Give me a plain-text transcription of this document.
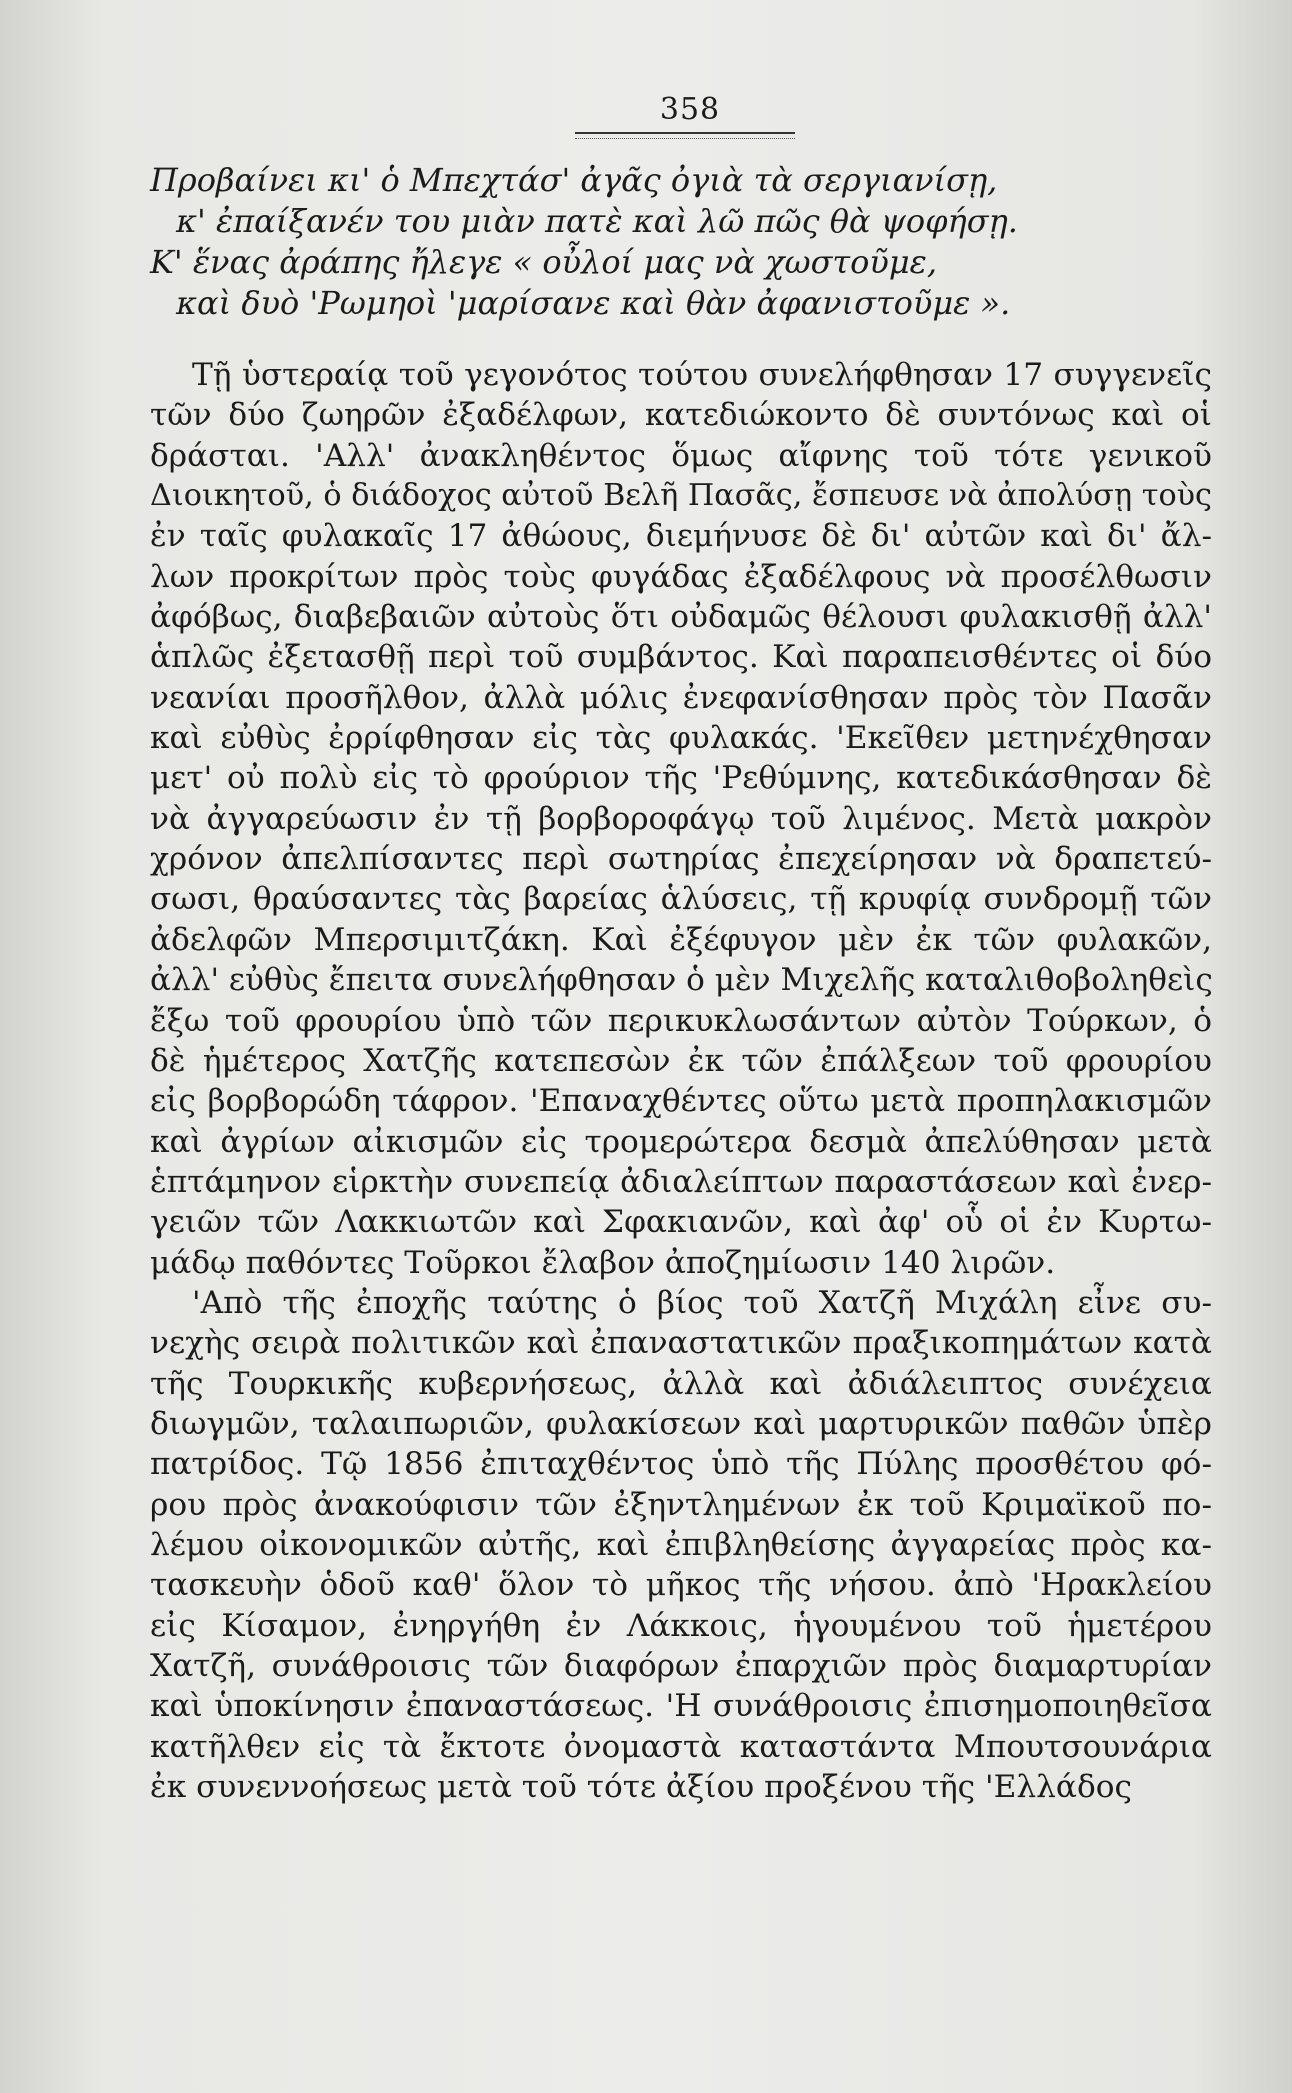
358
Προβαίνει κι' ὁ Μπεχτάσ' ἀγᾶς ὀγιὰ τὰ σεργιανίσῃ,
κ' ἐπαίξανέν του μιὰν πατὲ καὶ λῶ πῶς θὰ ψοφήσῃ.
Κ' ἕνας ἀράπης ἤλεγε « οὖλοί μας νὰ χωστοῦμε,
καὶ δυὸ 'Ρωμηοὶ 'μαρίσανε καὶ θὰν ἀφανιστοῦμε ».
Τῇ ὑστεραίᾳ τοῦ γεγονότος τούτου συνελήφθησαν 17 συγγενεῖς
τῶν δύο ζωηρῶν ἐξαδέλφων, κατεδιώκοντο δὲ συντόνως καὶ οἱ
δράσται. 'Αλλ' ἀνακληθέντος ὅμως αἴφνης τοῦ τότε γενικοῦ
Διοικητοῦ, ὁ διάδοχος αὐτοῦ Βελῆ Πασᾶς, ἔσπευσε νὰ ἀπολύσῃ τοὺς
ἐν ταῖς φυλακαῖς 17 ἀθώους, διεμήνυσε δὲ δι' αὐτῶν καὶ δι' ἄλ-
λων προκρίτων πρὸς τοὺς φυγάδας ἐξαδέλφους νὰ προσέλθωσιν
ἀφόβως, διαβεβαιῶν αὐτοὺς ὅτι οὐδαμῶς θέλουσι φυλακισθῇ ἀλλ'
ἁπλῶς ἐξετασθῇ περὶ τοῦ συμβάντος. Καὶ παραπεισθέντες οἱ δύο
νεανίαι προσῆλθον, ἀλλὰ μόλις ἐνεφανίσθησαν πρὸς τὸν Πασᾶν
καὶ εὐθὺς ἐρρίφθησαν εἰς τὰς φυλακάς. 'Εκεῖθεν μετηνέχθησαν
μετ' οὐ πολὺ εἰς τὸ φρούριον τῆς 'Ρεθύμνης, κατεδικάσθησαν δὲ
νὰ ἀγγαρεύωσιν ἐν τῇ βορβοροφάγῳ τοῦ λιμένος. Μετὰ μακρὸν
χρόνον ἀπελπίσαντες περὶ σωτηρίας ἐπεχείρησαν νὰ δραπετεύ-
σωσι, θραύσαντες τὰς βαρείας ἁλύσεις, τῇ κρυφίᾳ συνδρομῇ τῶν
ἀδελφῶν Μπερσιμιτζάκη. Καὶ ἐξέφυγον μὲν ἐκ τῶν φυλακῶν,
ἀλλ' εὐθὺς ἔπειτα συνελήφθησαν ὁ μὲν Μιχελῆς καταλιθοβοληθεὶς
ἔξω τοῦ φρουρίου ὑπὸ τῶν περικυκλωσάντων αὐτὸν Τούρκων, ὁ
δὲ ἡμέτερος Χατζῆς κατεπεσὼν ἐκ τῶν ἐπάλξεων τοῦ φρουρίου
εἰς βορβορώδη τάφρον. 'Επαναχθέντες οὕτω μετὰ προπηλακισμῶν
καὶ ἀγρίων αἰκισμῶν εἰς τρομερώτερα δεσμὰ ἀπελύθησαν μετὰ
ἑπτάμηνον εἱρκτὴν συνεπείᾳ ἀδιαλείπτων παραστάσεων καὶ ἐνερ-
γειῶν τῶν Λακκιωτῶν καὶ Σφακιανῶν, καὶ ἀφ' οὗ οἱ ἐν Κυρτω-
μάδῳ παθόντες Τοῦρκοι ἔλαβον ἀποζημίωσιν 140 λιρῶν.
'Απὸ τῆς ἐποχῆς ταύτης ὁ βίος τοῦ Χατζῆ Μιχάλη εἶνε συ-
νεχὴς σειρὰ πολιτικῶν καὶ ἐπαναστατικῶν πραξικοπημάτων κατὰ
τῆς Τουρκικῆς κυβερνήσεως, ἀλλὰ καὶ ἀδιάλειπτος συνέχεια
διωγμῶν, ταλαιπωριῶν, φυλακίσεων καὶ μαρτυρικῶν παθῶν ὑπὲρ
πατρίδος. Τῷ 1856 ἐπιταχθέντος ὑπὸ τῆς Πύλης προσθέτου φό-
ρου πρὸς ἀνακούφισιν τῶν ἐξηντλημένων ἐκ τοῦ Κριμαϊκοῦ πο-
λέμου οἰκονομικῶν αὐτῆς, καὶ ἐπιβληθείσης ἀγγαρείας πρὸς κα-
τασκευὴν ὁδοῦ καθ' ὅλον τὸ μῆκος τῆς νήσου. ἀπὸ 'Ηρακλείου
εἰς Κίσαμον, ἐνηργήθη ἐν Λάκκοις, ἡγουμένου τοῦ ἡμετέρου
Χατζῆ, συνάθροισις τῶν διαφόρων ἐπαρχιῶν πρὸς διαμαρτυρίαν
καὶ ὑποκίνησιν ἐπαναστάσεως. 'Η συνάθροισις ἐπισημοποιηθεῖσα
κατῆλθεν εἰς τὰ ἔκτοτε ὀνομαστὰ καταστάντα Μπουτσουνάρια
ἐκ συνεννοήσεως μετὰ τοῦ τότε ἀξίου προξένου τῆς 'Ελλάδος
